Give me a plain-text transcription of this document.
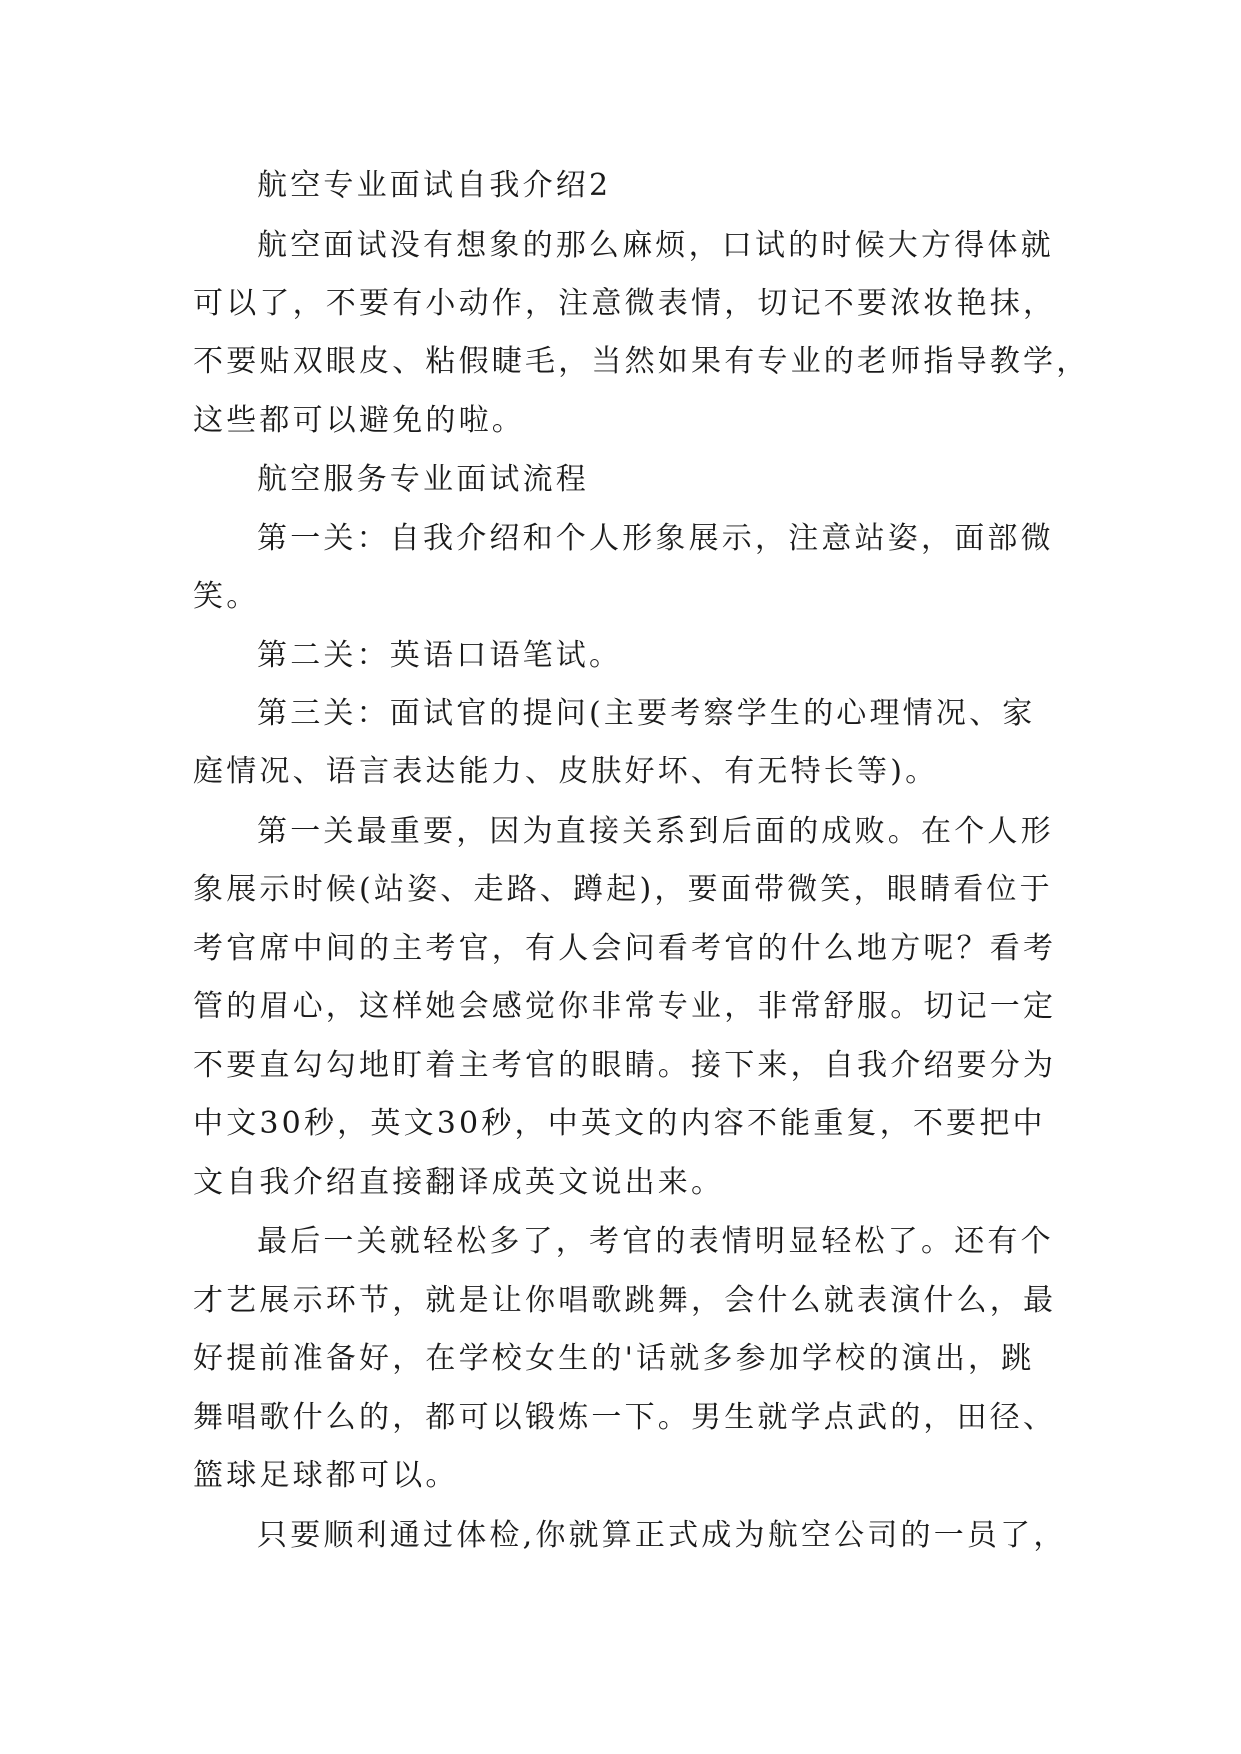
航空专业面试自我介绍2
航空面试没有想象的那么麻烦，口试的时候大方得体就
可以了，不要有小动作，注意微表情，切记不要浓妆艳抹，
不要贴双眼皮、粘假睫毛，当然如果有专业的老师指导教学，
这些都可以避免的啦。
航空服务专业面试流程
第一关：自我介绍和个人形象展示，注意站姿，面部微
笑。
第二关：英语口语笔试。
第三关：面试官的提问(主要考察学生的心理情况、家
庭情况、语言表达能力、皮肤好坏、有无特长等)。
第一关最重要，因为直接关系到后面的成败。在个人形
象展示时候(站姿、走路、蹲起)，要面带微笑，眼睛看位于
考官席中间的主考官，有人会问看考官的什么地方呢？看考
管的眉心，这样她会感觉你非常专业，非常舒服。切记一定
不要直勾勾地盯着主考官的眼睛。接下来，自我介绍要分为
中文30秒，英文30秒，中英文的内容不能重复，不要把中
文自我介绍直接翻译成英文说出来。
最后一关就轻松多了，考官的表情明显轻松了。还有个
才艺展示环节，就是让你唱歌跳舞，会什么就表演什么，最
好提前准备好，在学校女生的'话就多参加学校的演出，跳
舞唱歌什么的，都可以锻炼一下。男生就学点武的，田径、
篮球足球都可以。
只要顺利通过体检,你就算正式成为航空公司的一员了，
